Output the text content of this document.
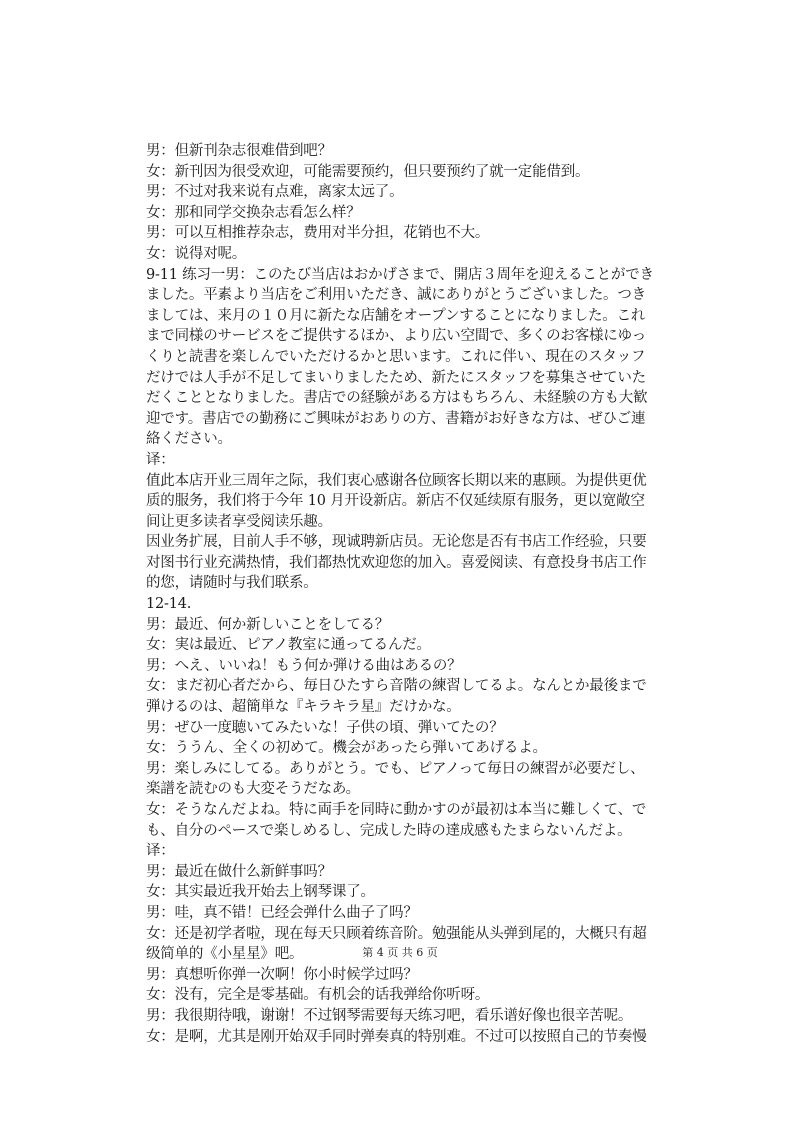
男：但新刊杂志很难借到吧？
女：新刊因为很受欢迎，可能需要预约，但只要预约了就一定能借到。
男：不过对我来说有点难，离家太远了。
女：那和同学交换杂志看怎么样？
男：可以互相推荐杂志，费用对半分担，花销也不大。
女：说得对呢。
9-11 练习一男：このたび当店はおかげさまで、開店３周年を迎えることができ
ました。平素より当店をご利用いただき、誠にありがとうございました。つき
ましては、来月の１０月に新たな店舗をオープンすることになりました。これ
まで同様のサービスをご提供するほか、より広い空間で、多くのお客様にゆっ
くりと読書を楽しんでいただけるかと思います。これに伴い、現在のスタッフ
だけでは人手が不足してまいりましたため、新たにスタッフを募集させていた
だくこととなりました。書店での経験がある方はもちろん、未経験の方も大歓
迎です。書店での勤務にご興味がおありの方、書籍がお好きな方は、ぜひご連
絡ください。
译：
值此本店开业三周年之际，我们衷心感谢各位顾客长期以来的惠顾。为提供更优
质的服务，我们将于今年 10 月开设新店。新店不仅延续原有服务，更以宽敞空
间让更多读者享受阅读乐趣。
因业务扩展，目前人手不够，现诚聘新店员。无论您是否有书店工作经验，只要
对图书行业充满热情，我们都热忱欢迎您的加入。喜爱阅读、有意投身书店工作
的您，请随时与我们联系。
12-14.
男：最近、何か新しいことをしてる？
女：実は最近、ピアノ教室に通ってるんだ。
男：へえ、いいね！もう何か弾ける曲はあるの？
女：まだ初心者だから、毎日ひたすら音階の練習してるよ。なんとか最後まで
弾けるのは、超簡単な『キラキラ星』だけかな。
男：ぜひ一度聴いてみたいな！子供の頃、弾いてたの？
女：ううん、全くの初めて。機会があったら弾いてあげるよ。
男：楽しみにしてる。ありがとう。でも、ピアノって毎日の練習が必要だし、
楽譜を読むのも大変そうだなあ。
女：そうなんだよね。特に両手を同時に動かすのが最初は本当に難しくて、で
も、自分のペースで楽しめるし、完成した時の達成感もたまらないんだよ。
译：
男：最近在做什么新鲜事吗？
女：其实最近我开始去上钢琴课了。
男：哇，真不错！已经会弹什么曲子了吗？
女：还是初学者啦，现在每天只顾着练音阶。勉强能从头弹到尾的，大概只有超
级简单的《小星星》吧。
男：真想听你弹一次啊！你小时候学过吗？
女：没有，完全是零基础。有机会的话我弹给你听呀。
男：我很期待哦，谢谢！不过钢琴需要每天练习吧，看乐谱好像也很辛苦呢。
女：是啊，尤其是刚开始双手同时弹奏真的特别难。不过可以按照自己的节奏慢
第 4 页 共 6 页
